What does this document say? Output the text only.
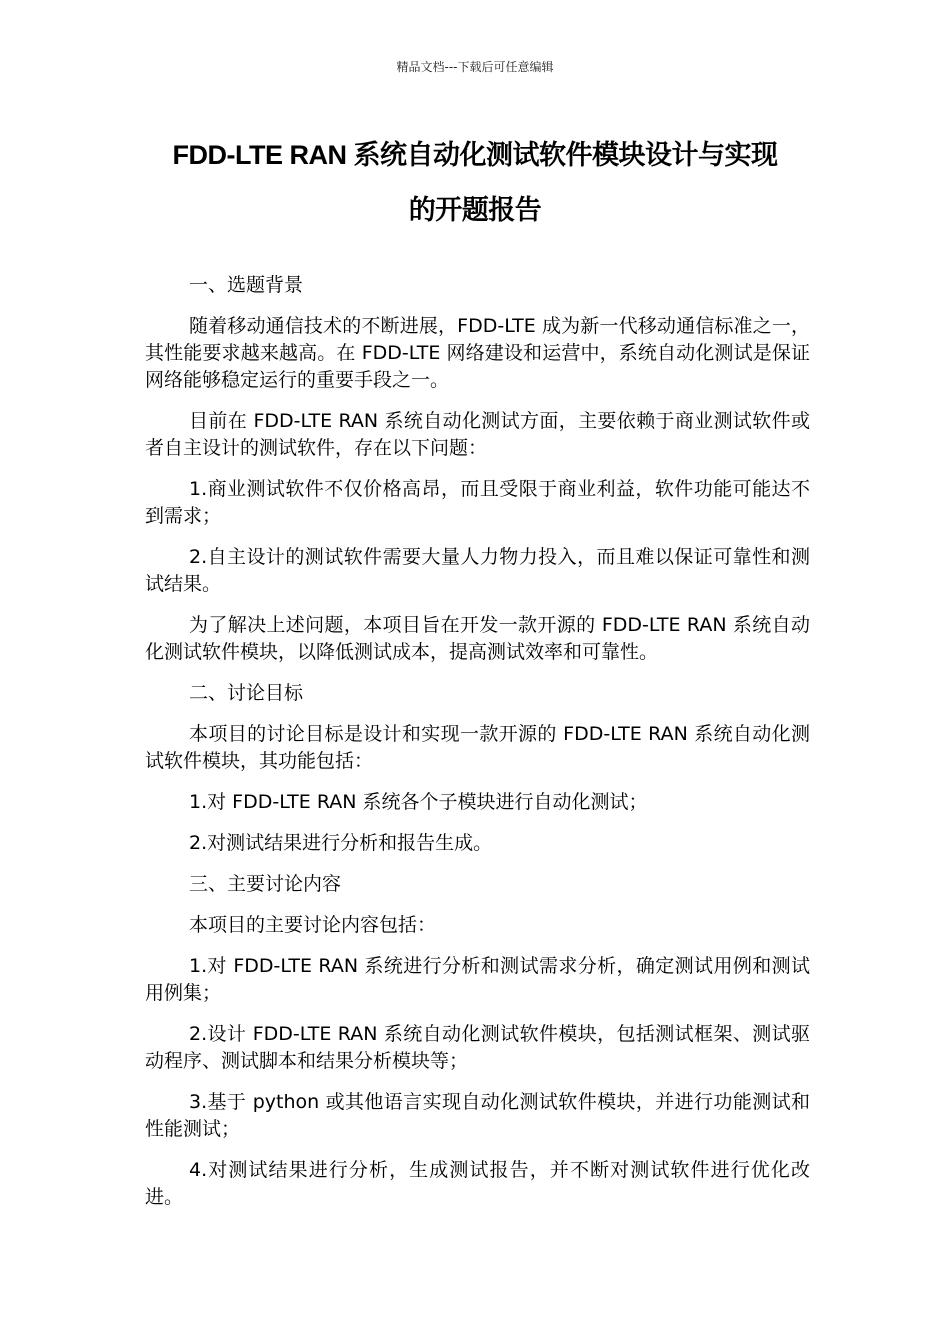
精品文档---下载后可任意编辑
FDD-LTE RAN 系统自动化测试软件模块设计与实现
的开题报告

一、选题背景

随着移动通信技术的不断进展，FDD-LTE 成为新一代移动通信标准之一，其性能要求越来越高。在 FDD-LTE 网络建设和运营中，系统自动化测试是保证网络能够稳定运行的重要手段之一。

目前在 FDD-LTE RAN 系统自动化测试方面，主要依赖于商业测试软件或者自主设计的测试软件，存在以下问题：

1.商业测试软件不仅价格高昂，而且受限于商业利益，软件功能可能达不到需求；

2.自主设计的测试软件需要大量人力物力投入，而且难以保证可靠性和测试结果。

为了解决上述问题，本项目旨在开发一款开源的 FDD-LTE RAN 系统自动化测试软件模块，以降低测试成本，提高测试效率和可靠性。

二、讨论目标

本项目的讨论目标是设计和实现一款开源的 FDD-LTE RAN 系统自动化测试软件模块，其功能包括：

1.对 FDD-LTE RAN 系统各个子模块进行自动化测试；

2.对测试结果进行分析和报告生成。

三、主要讨论内容

本项目的主要讨论内容包括：

1.对 FDD-LTE RAN 系统进行分析和测试需求分析，确定测试用例和测试用例集；

2.设计 FDD-LTE RAN 系统自动化测试软件模块，包括测试框架、测试驱动程序、测试脚本和结果分析模块等；

3.基于 python 或其他语言实现自动化测试软件模块，并进行功能测试和性能测试；

4.对测试结果进行分析，生成测试报告，并不断对测试软件进行优化改进。
